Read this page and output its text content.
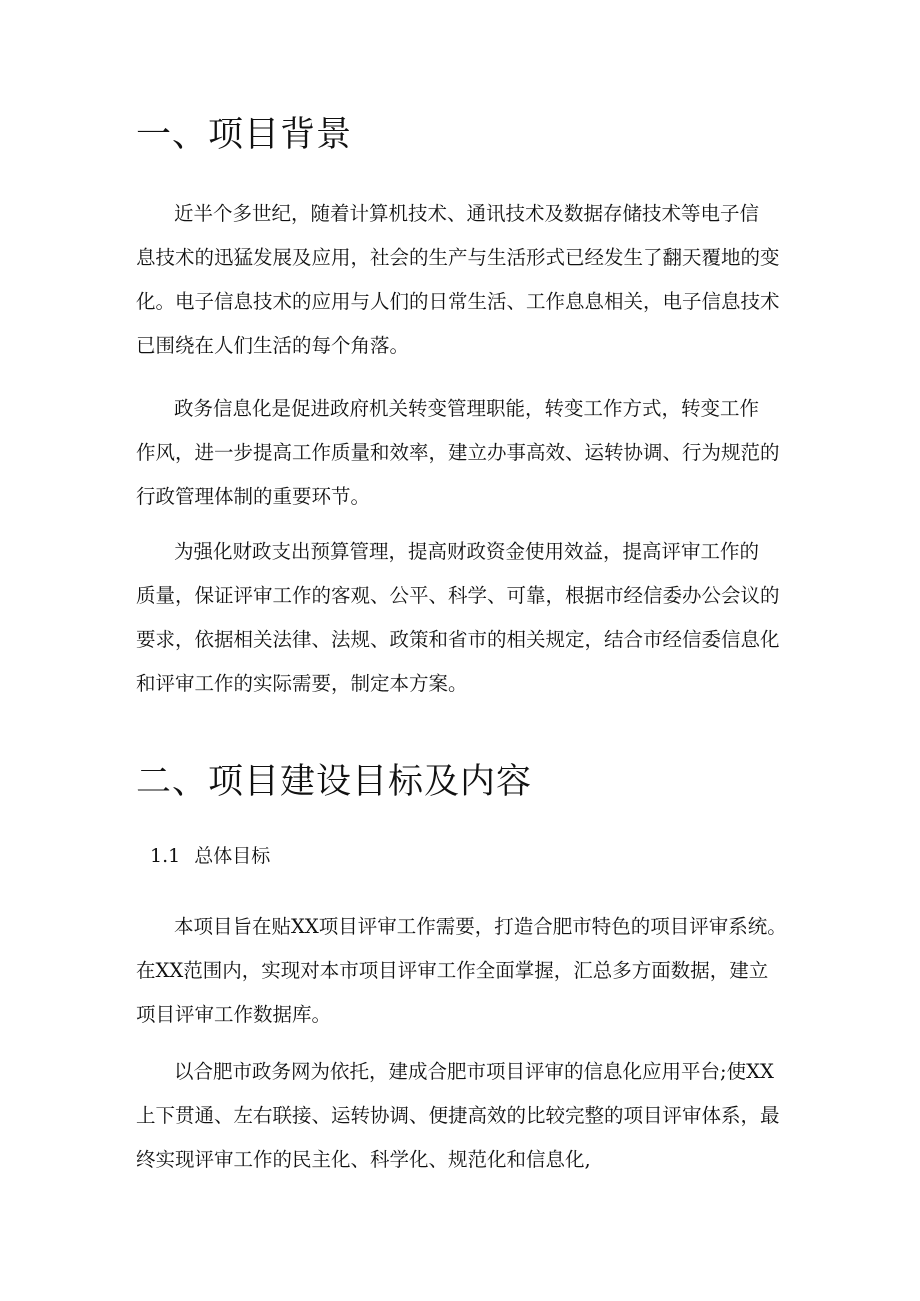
一、项目背景
近半个多世纪，随着计算机技术、通讯技术及数据存储技术等电子信
息技术的迅猛发展及应用，社会的生产与生活形式已经发生了翻天覆地的变
化。电子信息技术的应用与人们的日常生活、工作息息相关，电子信息技术
已围绕在人们生活的每个角落。
政务信息化是促进政府机关转变管理职能，转变工作方式，转变工作
作风，进一步提高工作质量和效率，建立办事高效、运转协调、行为规范的
行政管理体制的重要环节。
为强化财政支出预算管理，提高财政资金使用效益，提高评审工作的
质量，保证评审工作的客观、公平、科学、可靠，根据市经信委办公会议的
要求，依据相关法律、法规、政策和省市的相关规定，结合市经信委信息化
和评审工作的实际需要，制定本方案。
二、项目建设目标及内容
1.1 总体目标
本项目旨在贴XX项目评审工作需要，打造合肥市特色的项目评审系统。
在XX范围内，实现对本市项目评审工作全面掌握，汇总多方面数据，建立
项目评审工作数据库。
以合肥市政务网为依托，建成合肥市项目评审的信息化应用平台;使XX
上下贯通、左右联接、运转协调、便捷高效的比较完整的项目评审体系，最
终实现评审工作的民主化、科学化、规范化和信息化,
